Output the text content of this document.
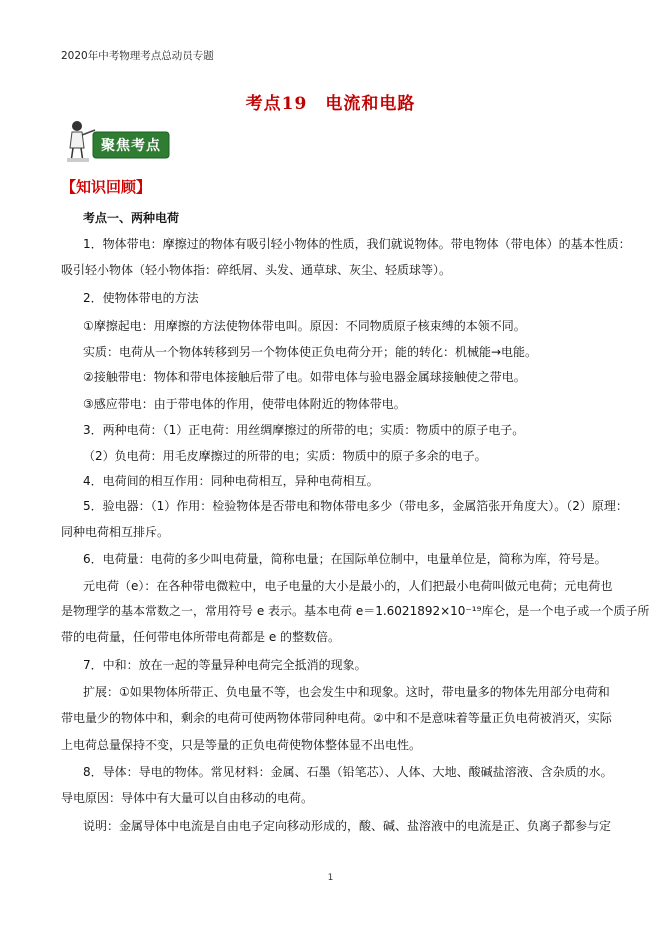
2020年中考物理考点总动员专题
考点19　电流和电路
聚焦考点
【知识回顾】
考点一、两种电荷
1．物体带电：摩擦过的物体有吸引轻小物体的性质，我们就说物体。带电物体（带电体）的基本性质：
吸引轻小物体（轻小物体指：碎纸屑、头发、通草球、灰尘、轻质球等）。
2．使物体带电的方法
①摩擦起电：用摩擦的方法使物体带电叫。原因：不同物质原子核束缚的本领不同。
实质：电荷从一个物体转移到另一个物体使正负电荷分开；能的转化：机械能→电能。
②接触带电：物体和带电体接触后带了电。如带电体与验电器金属球接触使之带电。
③感应带电：由于带电体的作用，使带电体附近的物体带电。
3．两种电荷：（1）正电荷：用丝绸摩擦过的所带的电；实质：物质中的原子电子。
（2）负电荷：用毛皮摩擦过的所带的电；实质：物质中的原子多余的电子。
4．电荷间的相互作用：同种电荷相互，异种电荷相互。
5．验电器：（1）作用：检验物体是否带电和物体带电多少（带电多，金属箔张开角度大）。（2）原理：
同种电荷相互排斥。
6．电荷量：电荷的多少叫电荷量，简称电量；在国际单位制中，电量单位是，简称为库，符号是。
元电荷（e）：在各种带电微粒中，电子电量的大小是最小的，人们把最小电荷叫做元电荷；元电荷也
是物理学的基本常数之一，常用符号 e 表示。基本电荷 e＝1.6021892×10⁻¹⁹库仑，是一个电子或一个质子所
带的电荷量，任何带电体所带电荷都是 e 的整数倍。
7．中和：放在一起的等量异种电荷完全抵消的现象。
扩展：①如果物体所带正、负电量不等，也会发生中和现象。这时，带电量多的物体先用部分电荷和
带电量少的物体中和，剩余的电荷可使两物体带同种电荷。②中和不是意味着等量正负电荷被消灭，实际
上电荷总量保持不变，只是等量的正负电荷使物体整体显不出电性。
8．导体：导电的物体。常见材料：金属、石墨（铅笔芯）、人体、大地、酸碱盐溶液、含杂质的水。
导电原因：导体中有大量可以自由移动的电荷。
说明：金属导体中电流是自由电子定向移动形成的，酸、碱、盐溶液中的电流是正、负离子都参与定
1
